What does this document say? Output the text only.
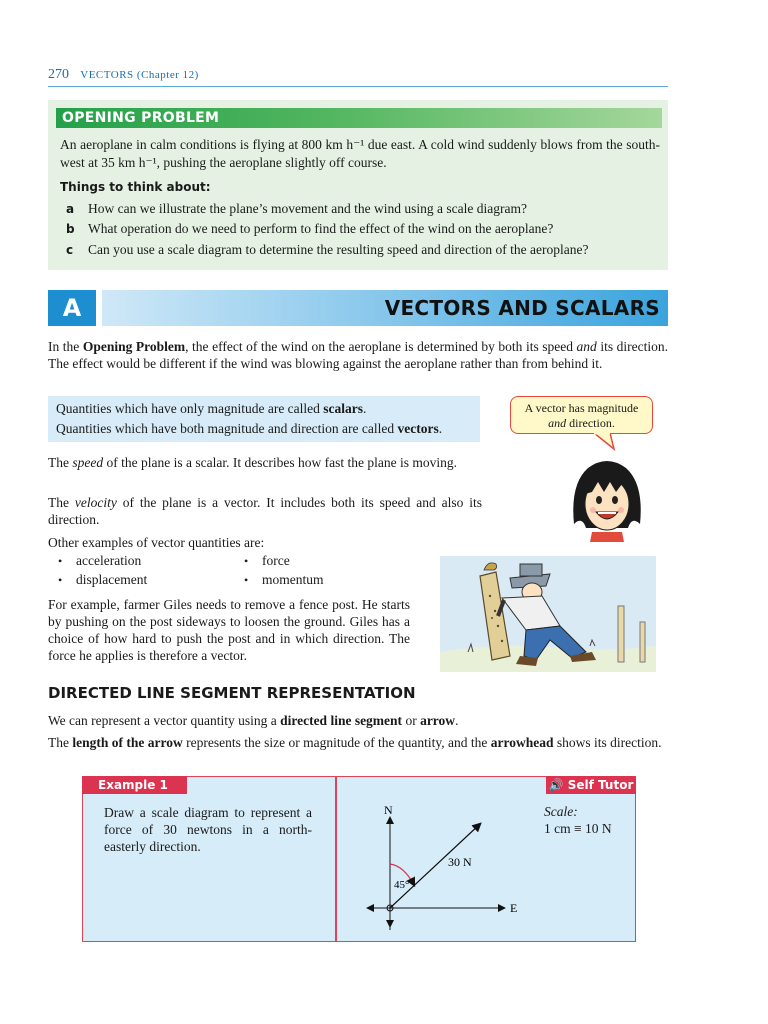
270 VECTORS (Chapter 12)
OPENING PROBLEM

An aeroplane in calm conditions is flying at 800 km h⁻¹ due east. A cold wind suddenly blows from the south-west at 35 km h⁻¹, pushing the aeroplane slightly off course.

Things to think about:
a How can we illustrate the plane’s movement and the wind using a scale diagram?
b What operation do we need to perform to find the effect of the wind on the aeroplane?
c Can you use a scale diagram to determine the resulting speed and direction of the aeroplane?
A	VECTORS AND SCALARS

In the Opening Problem, the effect of the wind on the aeroplane is determined by both its speed and its direction. The effect would be different if the wind was blowing against the aeroplane rather than from behind it.

Quantities which have only magnitude are called scalars.

Quantities which have both magnitude and direction are called vectors.

A vector has magnitude
and direction.

The speed of the plane is a scalar. It describes how fast the plane is moving.

The velocity of the plane is a vector. It includes both its speed and also its direction.

Other examples of vector quantities are:

• acceleration	• force
• displacement	• momentum

For example, farmer Giles needs to remove a fence post. He starts by pushing on the post sideways to loosen the ground. Giles has a choice of how hard to push the post and in which direction. The force he applies is therefore a vector.

DIRECTED LINE SEGMENT REPRESENTATION

We can represent a vector quantity using a directed line segment or arrow.

The length of the arrow represents the size or magnitude of the quantity, and the arrowhead shows its direction.

Example 1	🔊 Self Tutor

Draw a scale diagram to represent a force of 30 newtons in a north-easterly direction.

Scale:
1 cm ≡ 10 N
N
E
30 N
45°
